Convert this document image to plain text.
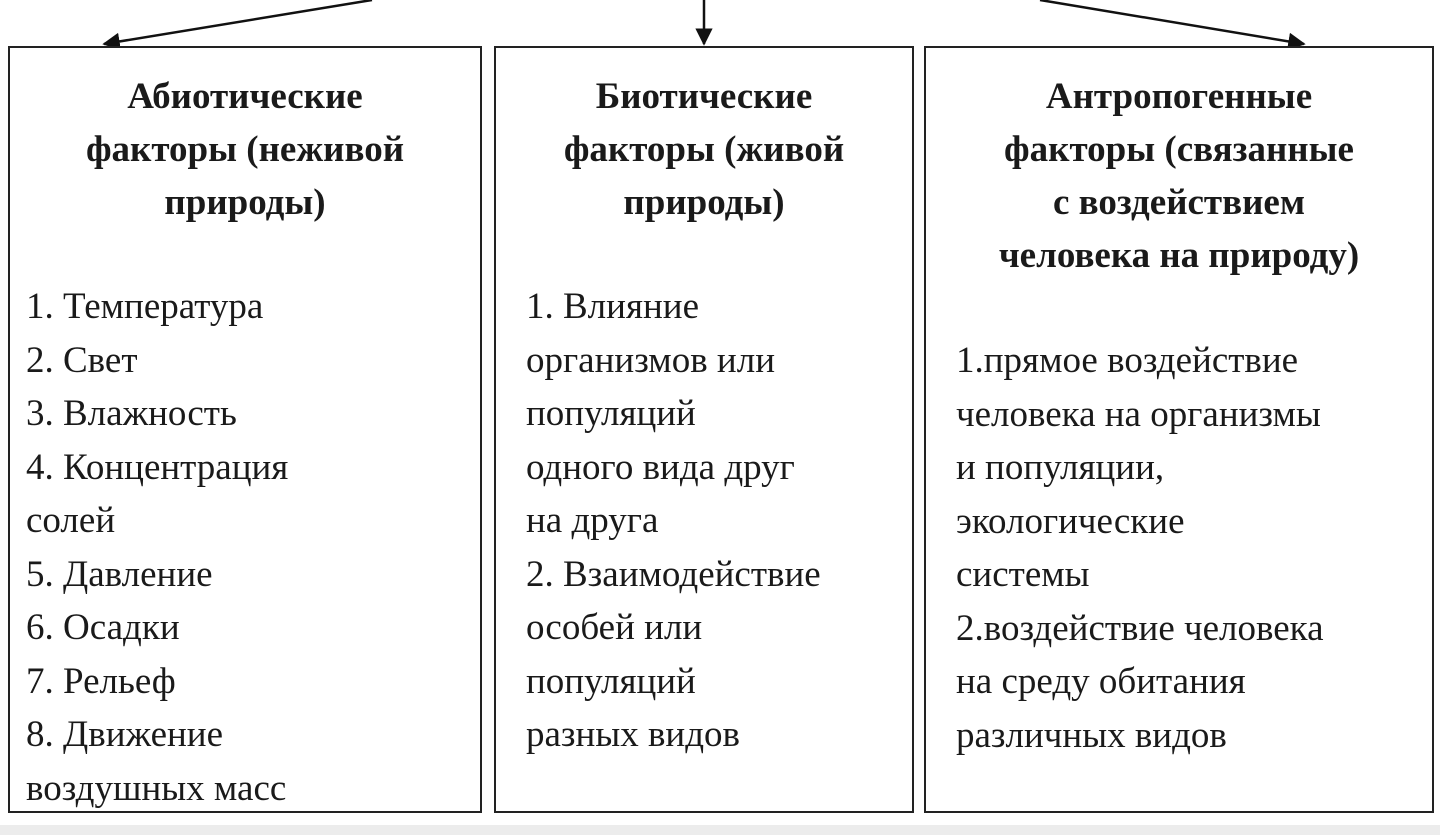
Абиотические
факторы (неживой
природы)
1. Температура
2. Свет
3. Влажность
4. Концентрация
солей
5. Давление
6. Осадки
7. Рельеф
8. Движение
воздушных масс
Биотические
факторы (живой
природы)
1. Влияние
организмов или
популяций
одного вида друг
на друга
2. Взаимодействие
особей или
популяций
разных видов
Антропогенные
факторы (связанные
с воздействием
человека на природу)
1.прямое воздействие
человека на организмы
и популяции,
экологические
системы
2.воздействие человека
на среду обитания
различных видов
